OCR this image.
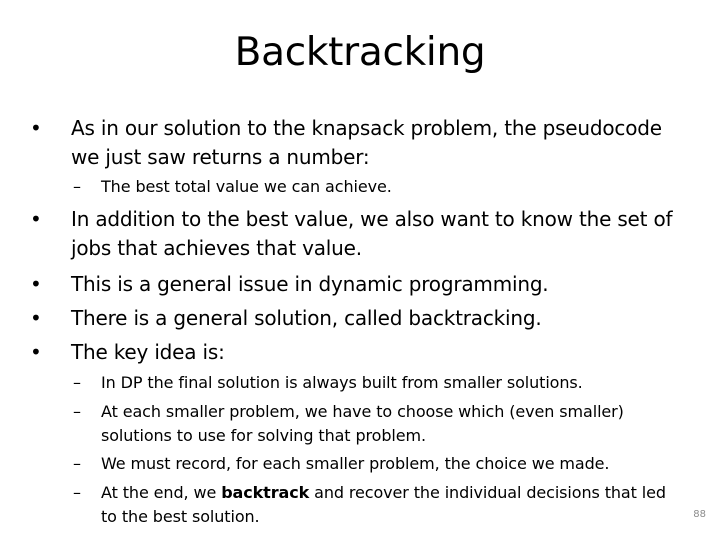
Backtracking
• As in our solution to the knapsack problem, the pseudocode we just saw returns a number:
– The best total value we can achieve.
• In addition to the best value, we also want to know the set of jobs that achieves that value.
• This is a general issue in dynamic programming.
• There is a general solution, called backtracking.
• The key idea is:
– In DP the final solution is always built from smaller solutions.
– At each smaller problem, we have to choose which (even smaller) solutions to use for solving that problem.
– We must record, for each smaller problem, the choice we made.
– At the end, we backtrack and recover the individual decisions that led to the best solution.	88
